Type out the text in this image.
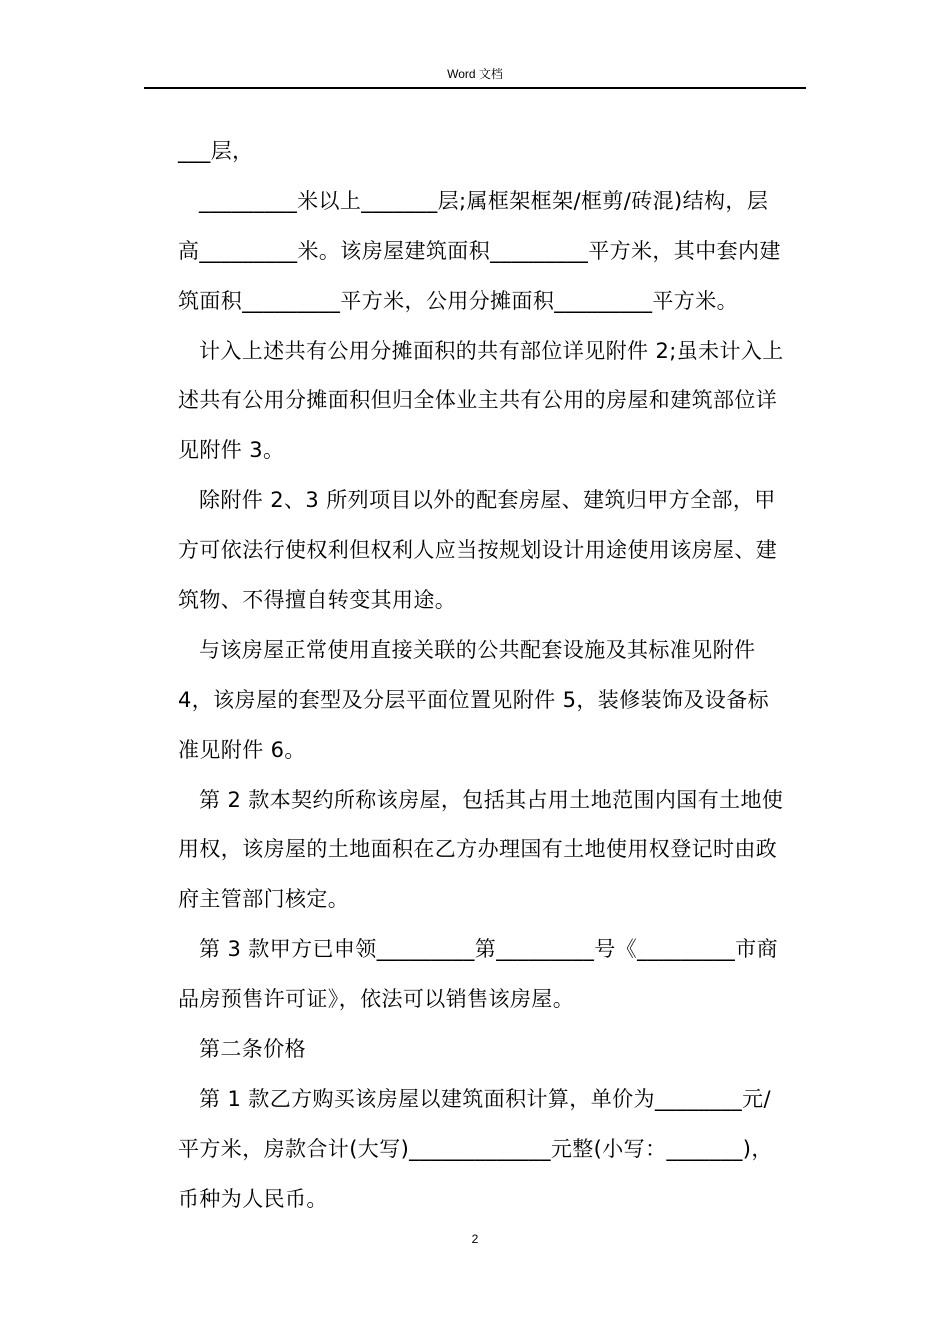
Word 文档
___层，
_________米以上_______层;属框架框架/框剪/砖混)结构，层
高_________米。该房屋建筑面积_________平方米，其中套内建
筑面积_________平方米，公用分摊面积_________平方米。
计入上述共有公用分摊面积的共有部位详见附件 2;虽未计入上
述共有公用分摊面积但归全体业主共有公用的房屋和建筑部位详
见附件 3。
除附件 2、3 所列项目以外的配套房屋、建筑归甲方全部，甲
方可依法行使权利但权利人应当按规划设计用途使用该房屋、建
筑物、不得擅自转变其用途。
与该房屋正常使用直接关联的公共配套设施及其标准见附件
4，该房屋的套型及分层平面位置见附件 5，装修装饰及设备标
准见附件 6。
第 2 款本契约所称该房屋，包括其占用土地范围内国有土地使
用权，该房屋的土地面积在乙方办理国有土地使用权登记时由政
府主管部门核定。
第 3 款甲方已申领_________第_________号《_________市商
品房预售许可证》，依法可以销售该房屋。
第二条价格
第 1 款乙方购买该房屋以建筑面积计算，单价为________元/
平方米，房款合计(大写)_____________元整(小写：_______)，
币种为人民币。
2
